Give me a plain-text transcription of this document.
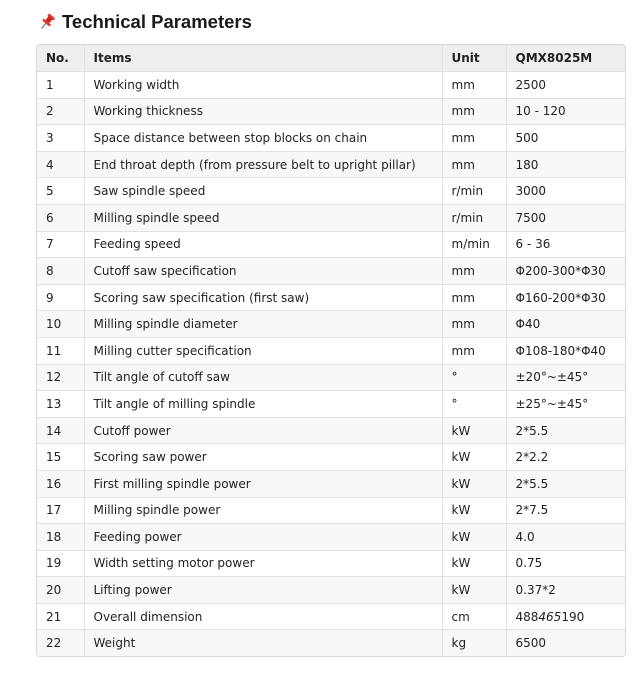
Technical Parameters
No.	Items	Unit	QMX8025M
1	Working width	mm	2500
2	Working thickness	mm	10 - 120
3	Space distance between stop blocks on chain	mm	500
4	End throat depth (from pressure belt to upright pillar)	mm	180
5	Saw spindle speed	r/min	3000
6	Milling spindle speed	r/min	7500
7	Feeding speed	m/min	6 - 36
8	Cutoff saw specification	mm	Φ200-300*Φ30
9	Scoring saw specification (first saw)	mm	Φ160-200*Φ30
10	Milling spindle diameter	mm	Φ40
11	Milling cutter specification	mm	Φ108-180*Φ40
12	Tilt angle of cutoff saw	°	±20°~±45°
13	Tilt angle of milling spindle	°	±25°~±45°
14	Cutoff power	kW	2*5.5
15	Scoring saw power	kW	2*2.2
16	First milling spindle power	kW	2*5.5
17	Milling spindle power	kW	2*7.5
18	Feeding power	kW	4.0
19	Width setting motor power	kW	0.75
20	Lifting power	kW	0.37*2
21	Overall dimension	cm	488465190
22	Weight	kg	6500
